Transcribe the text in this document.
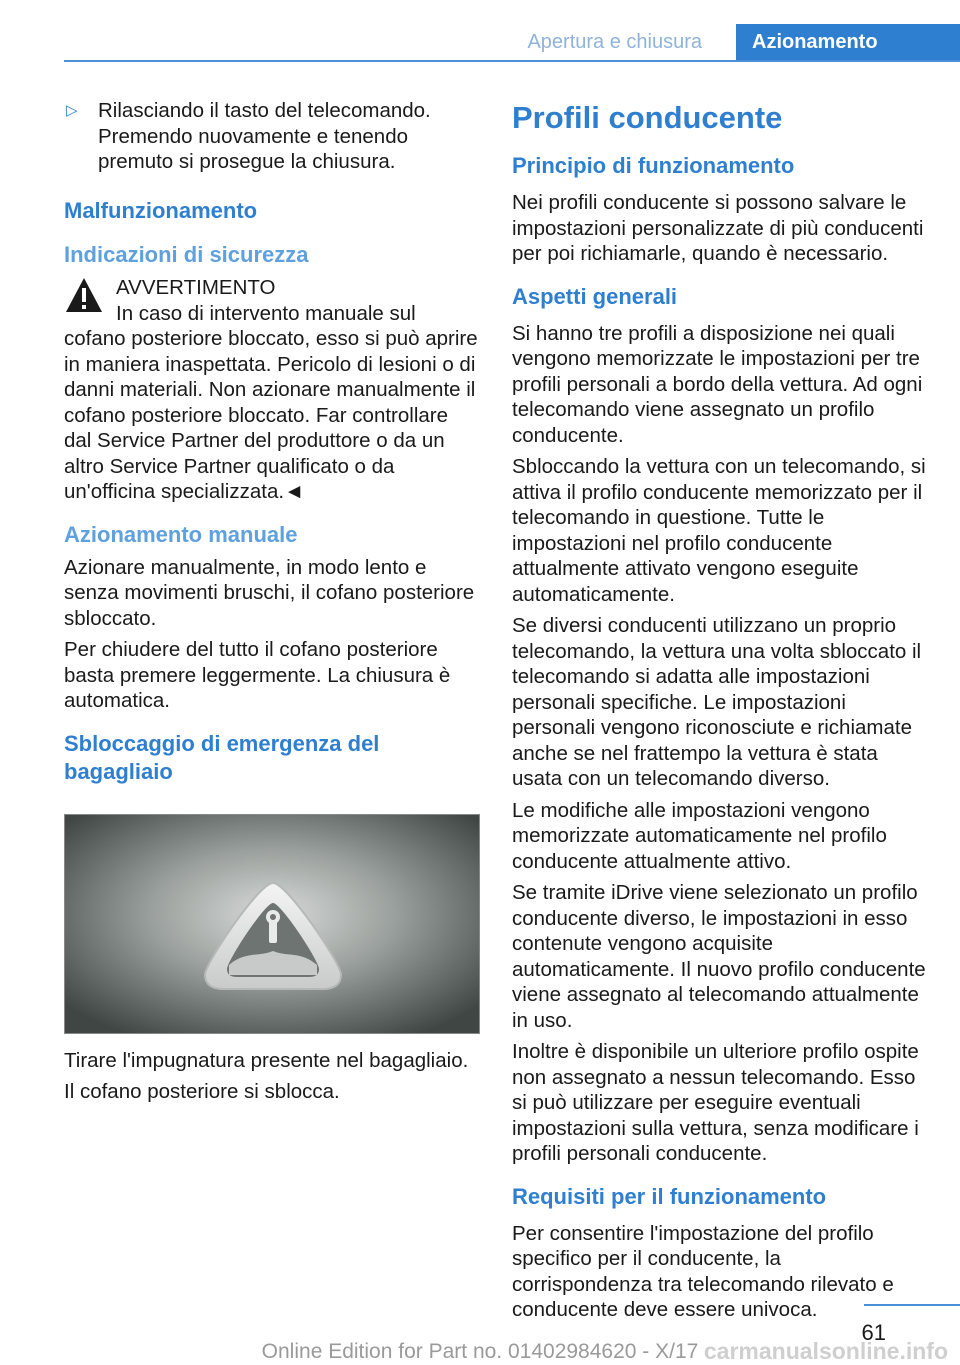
Apertura e chiusura	Azionamento
▷ Rilasciando il tasto del telecomando. Premendo nuovamente e tenendo premuto si prosegue la chiusura.
Malfunzionamento
Indicazioni di sicurezza
AVVERTIMENTO

In caso di intervento manuale sul cofano posteriore bloccato, esso si può aprire in maniera inaspettata. Pericolo di lesioni o di danni materiali. Non azionare manualmente il cofano posteriore bloccato. Far controllare dal Service Partner del produttore o da un altro Service Partner qualificato o da un'officina specializzata.◄

Azionamento manuale

Azionare manualmente, in modo lento e senza movimenti bruschi, il cofano posteriore sbloccato.

Per chiudere del tutto il cofano posteriore basta premere leggermente. La chiusura è automatica.

Sbloccaggio di emergenza del bagagliaio

Tirare l'impugnatura presente nel bagagliaio.

Il cofano posteriore si sblocca.

Profili conducente
Principio di funzionamento

Nei profili conducente si possono salvare le impostazioni personalizzate di più conducenti per poi richiamarle, quando è necessario.

Aspetti generali

Si hanno tre profili a disposizione nei quali vengono memorizzate le impostazioni per tre profili personali a bordo della vettura. Ad ogni telecomando viene assegnato un profilo conducente.

Sbloccando la vettura con un telecomando, si attiva il profilo conducente memorizzato per il telecomando in questione. Tutte le impostazioni nel profilo conducente attualmente attivato vengono eseguite automaticamente.

Se diversi conducenti utilizzano un proprio telecomando, la vettura una volta sbloccato il telecomando si adatta alle impostazioni personali specifiche. Le impostazioni personali vengono riconosciute e richiamate anche se nel frattempo la vettura è stata usata con un telecomando diverso.

Le modifiche alle impostazioni vengono memorizzate automaticamente nel profilo conducente attualmente attivo.

Se tramite iDrive viene selezionato un profilo conducente diverso, le impostazioni in esso contenute vengono acquisite automaticamente. Il nuovo profilo conducente viene assegnato al telecomando attualmente in uso.

Inoltre è disponibile un ulteriore profilo ospite non assegnato a nessun telecomando. Esso si può utilizzare per eseguire eventuali impostazioni sulla vettura, senza modificare i profili personali conducente.

Requisiti per il funzionamento

Per consentire l'impostazione del profilo specifico per il conducente, la corrispondenza tra telecomando rilevato e conducente deve essere univoca.

61
Online Edition for Part no. 01402984620 - X/17 carmanualsonline.info
